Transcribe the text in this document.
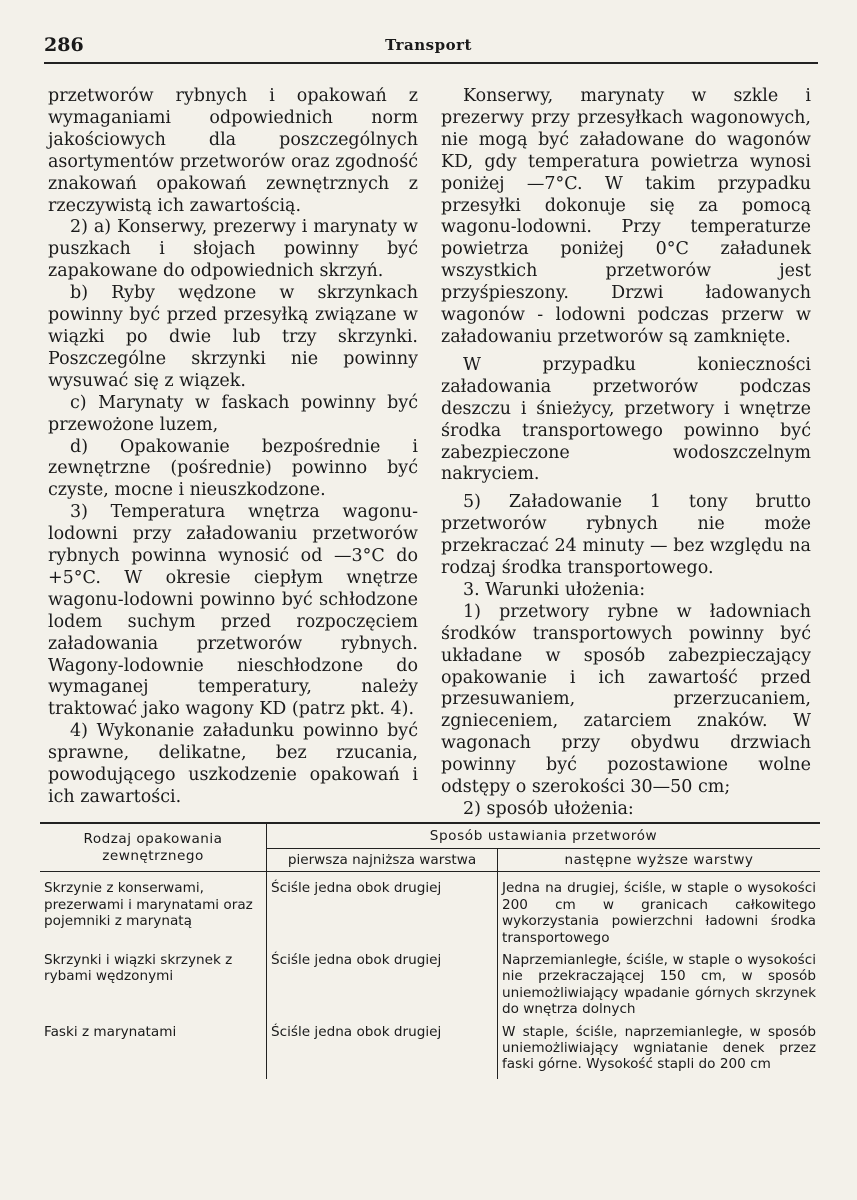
286	Transport

przetworów rybnych i opakowań z wymaganiami odpowiednich norm jakościowych dla poszczególnych asortymentów przetworów oraz zgodność znakowań opakowań zewnętrznych z rzeczywistą ich zawartością.

2) a) Konserwy, prezerwy i marynaty w puszkach i słojach powinny być zapakowane do odpowiednich skrzyń.

b) Ryby wędzone w skrzynkach powinny być przed przesyłką związane w wiązki po dwie lub trzy skrzynki. Poszczególne skrzynki nie powinny wysuwać się z wiązek.

c) Marynaty w faskach powinny być przewożone luzem,

d) Opakowanie bezpośrednie i zewnętrzne (pośrednie) powinno być czyste, mocne i nieuszkodzone.

3) Temperatura wnętrza wagonu-lodowni przy załadowaniu przetworów rybnych powinna wynosić od —3°C do +5°C. W okresie ciepłym wnętrze wagonu-lodowni powinno być schłodzone lodem suchym przed rozpoczęciem załadowania przetworów rybnych. Wagony-lodownie nieschłodzone do wymaganej temperatury, należy traktować jako wagony KD (patrz pkt. 4).

4) Wykonanie załadunku powinno być sprawne, delikatne, bez rzucania, powodującego uszkodzenie opakowań i ich zawartości.

Konserwy, marynaty w szkle i prezerwy przy przesyłkach wagonowych, nie mogą być załadowane do wagonów KD, gdy temperatura powietrza wynosi poniżej —7°C. W takim przypadku przesyłki dokonuje się za pomocą wagonu-lodowni. Przy temperaturze powietrza poniżej 0°C załadunek wszystkich przetworów jest przyśpieszony. Drzwi ładowanych wagonów - lodowni podczas przerw w załadowaniu przetworów są zamknięte.

W przypadku konieczności załadowania przetworów podczas deszczu i śnieżycy, przetwory i wnętrze środka transportowego powinno być zabezpieczone wodoszczelnym nakryciem.

5) Załadowanie 1 tony brutto przetworów rybnych nie może przekraczać 24 minuty — bez względu na rodzaj środka transportowego.

3. Warunki ułożenia:

1) przetwory rybne w ładowniach środków transportowych powinny być układane w sposób zabezpieczający opakowanie i ich zawartość przed przesuwaniem, przerzucaniem, zgnieceniem, zatarciem znaków. W wagonach przy obydwu drzwiach powinny być pozostawione wolne odstępy o szerokości 30—50 cm;

2) sposób ułożenia:

Rodzaj opakowania zewnętrznego	Sposób ustawiania przetworów	
	pierwsza najniższa warstwa	następne wyższe warstwy
Skrzynie z konserwami, prezerwami i marynatami oraz pojemniki z marynatą	Ściśle jedna obok drugiej	Jedna na drugiej, ściśle, w staple o wysokości 200 cm w granicach całkowitego wykorzystania powierzchni ładowni środka transportowego
Skrzynki i wiązki skrzynek z rybami wędzonymi	Ściśle jedna obok drugiej	Naprzemianległe, ściśle, w staple o wysokości nie przekraczającej 150 cm, w sposób uniemożliwiający wpadanie górnych skrzynek do wnętrza dolnych
Faski z marynatami	Ściśle jedna obok drugiej	W staple, ściśle, naprzemianległe, w sposób uniemożliwiający wgniatanie denek przez faski górne. Wysokość stapli do 200 cm
